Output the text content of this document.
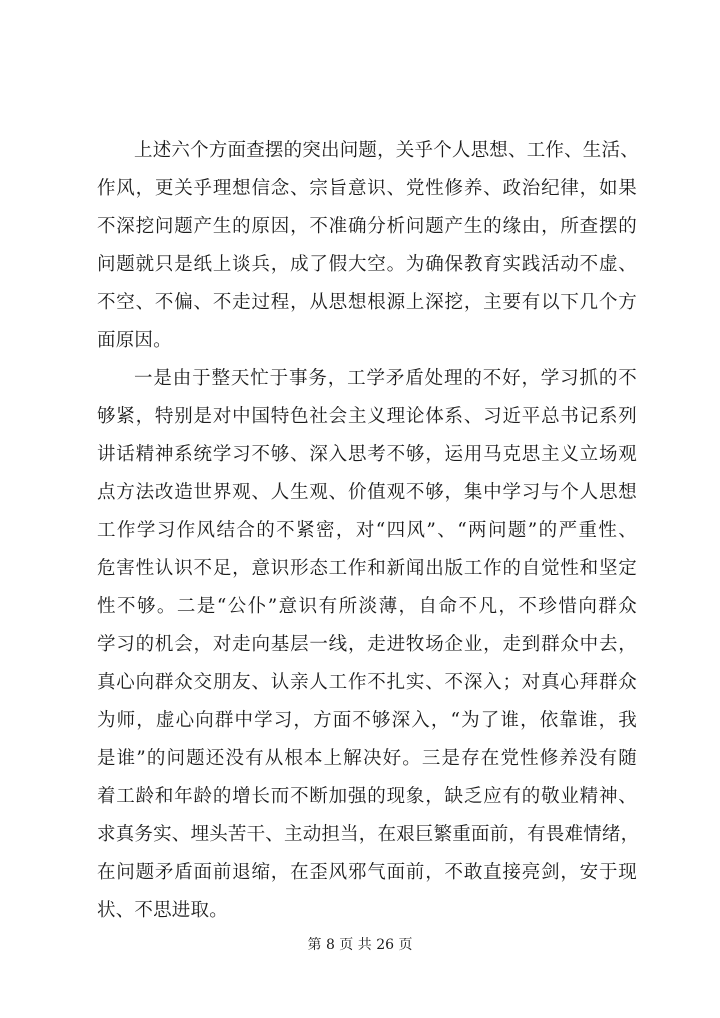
上述六个方面查摆的突出问题，关乎个人思想、工作、生活、
作风，更关乎理想信念、宗旨意识、党性修养、政治纪律，如果
不深挖问题产生的原因，不准确分析问题产生的缘由，所查摆的
问题就只是纸上谈兵，成了假大空。为确保教育实践活动不虚、
不空、不偏、不走过程，从思想根源上深挖，主要有以下几个方
面原因。
一是由于整天忙于事务，工学矛盾处理的不好，学习抓的不
够紧，特别是对中国特色社会主义理论体系、习近平总书记系列
讲话精神系统学习不够、深入思考不够，运用马克思主义立场观
点方法改造世界观、人生观、价值观不够，集中学习与个人思想
工作学习作风结合的不紧密，对“四风”、“两问题”的严重性、
危害性认识不足，意识形态工作和新闻出版工作的自觉性和坚定
性不够。二是“公仆”意识有所淡薄，自命不凡，不珍惜向群众
学习的机会，对走向基层一线，走进牧场企业，走到群众中去，
真心向群众交朋友、认亲人工作不扎实、不深入；对真心拜群众
为师，虚心向群中学习，方面不够深入，“为了谁，依靠谁，我
是谁”的问题还没有从根本上解决好。三是存在党性修养没有随
着工龄和年龄的增长而不断加强的现象，缺乏应有的敬业精神、
求真务实、埋头苦干、主动担当，在艰巨繁重面前，有畏难情绪，
在问题矛盾面前退缩，在歪风邪气面前，不敢直接亮剑，安于现
状、不思进取。
第 8 页 共 26 页
